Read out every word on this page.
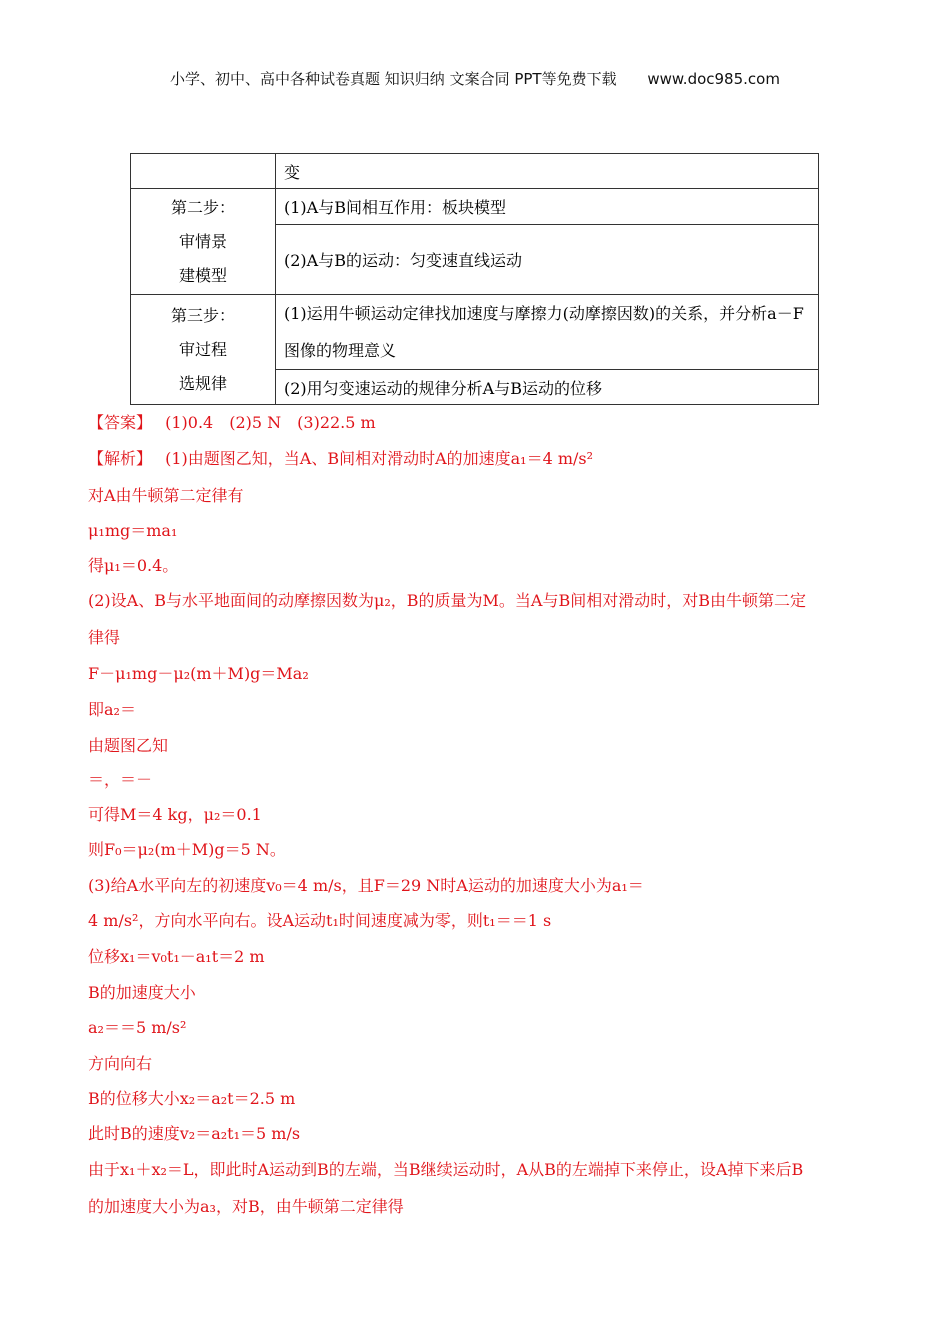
小学、初中、高中各种试卷真题 知识归纳 文案合同 PPT等免费下载 www.doc985.com
	变

第二步：
审情景
建模型	(1)A与B间相互作用：板块模型
	(2)A与B的运动：匀变速直线运动

第三步：
审过程
选规律	(1)运用牛顿运动定律找加速度与摩擦力(动摩擦因数)的关系，并分析a－F图像的物理意义
	(2)用匀变速运动的规律分析A与B运动的位移
【答案】　 (1)0.4　(2)5 N　(3)22.5 m
【解析】　 (1)由题图乙知，当A、B间相对滑动时A的加速度a₁＝4 m/s²
对A由牛顿第二定律有
μ₁mg＝ma₁
得μ₁＝0.4。
(2)设A、B与水平地面间的动摩擦因数为μ₂，B的质量为M。当A与B间相对滑动时，对B由牛顿第二定
律得
F－μ₁mg－μ₂(m＋M)g＝Ma₂
即a₂＝
由题图乙知
＝，＝－
可得M＝4 kg，μ₂＝0.1
则F₀＝μ₂(m＋M)g＝5 N。
(3)给A水平向左的初速度v₀＝4 m/s，且F＝29 N时A运动的加速度大小为a₁＝
4 m/s²，方向水平向右。设A运动t₁时间速度减为零，则t₁＝＝1 s
位移x₁＝v₀t₁－a₁t＝2 m
B的加速度大小
a₂＝＝5 m/s²
方向向右
B的位移大小x₂＝a₂t＝2.5 m
此时B的速度v₂＝a₂t₁＝5 m/s
由于x₁＋x₂＝L，即此时A运动到B的左端，当B继续运动时，A从B的左端掉下来停止，设A掉下来后B
的加速度大小为a₃，对B，由牛顿第二定律得
